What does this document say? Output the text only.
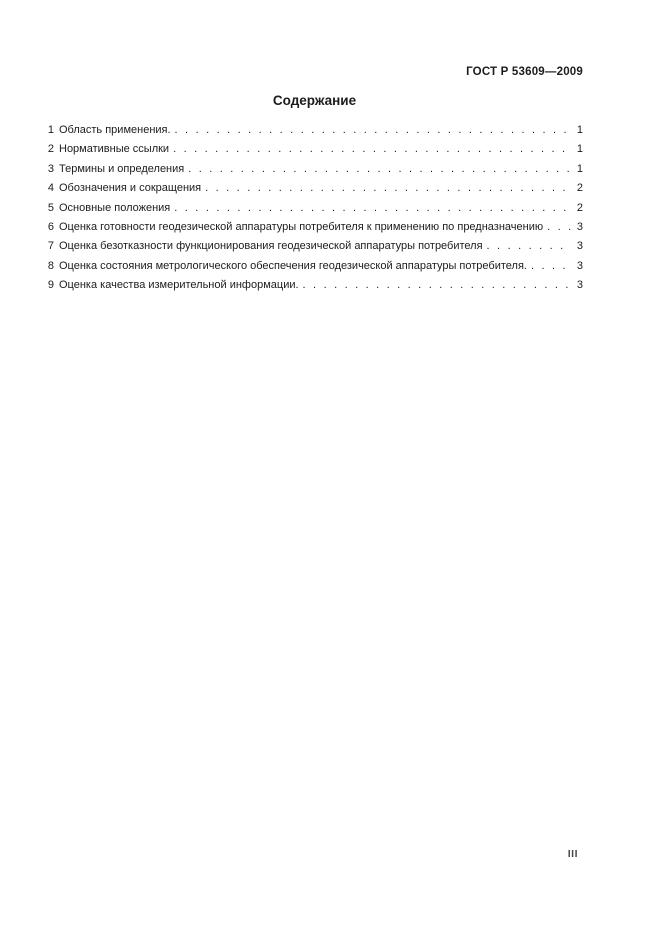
ГОСТ Р 53609—2009
Содержание
1 Область применения. . . .	1
2 Нормативные ссылки . . .	1
3 Термины и определения . . .	1
4 Обозначения и сокращения . . .	2
5 Основные положения . . .	2
6 Оценка готовности геодезической аппаратуры потребителя к применению по предназначению . . .	3
7 Оценка безотказности функционирования геодезической аппаратуры потребителя . . .	3
8 Оценка состояния метрологического обеспечения геодезической аппаратуры потребителя. . . .	3
9 Оценка качества измерительной информации. . . .	3
III
